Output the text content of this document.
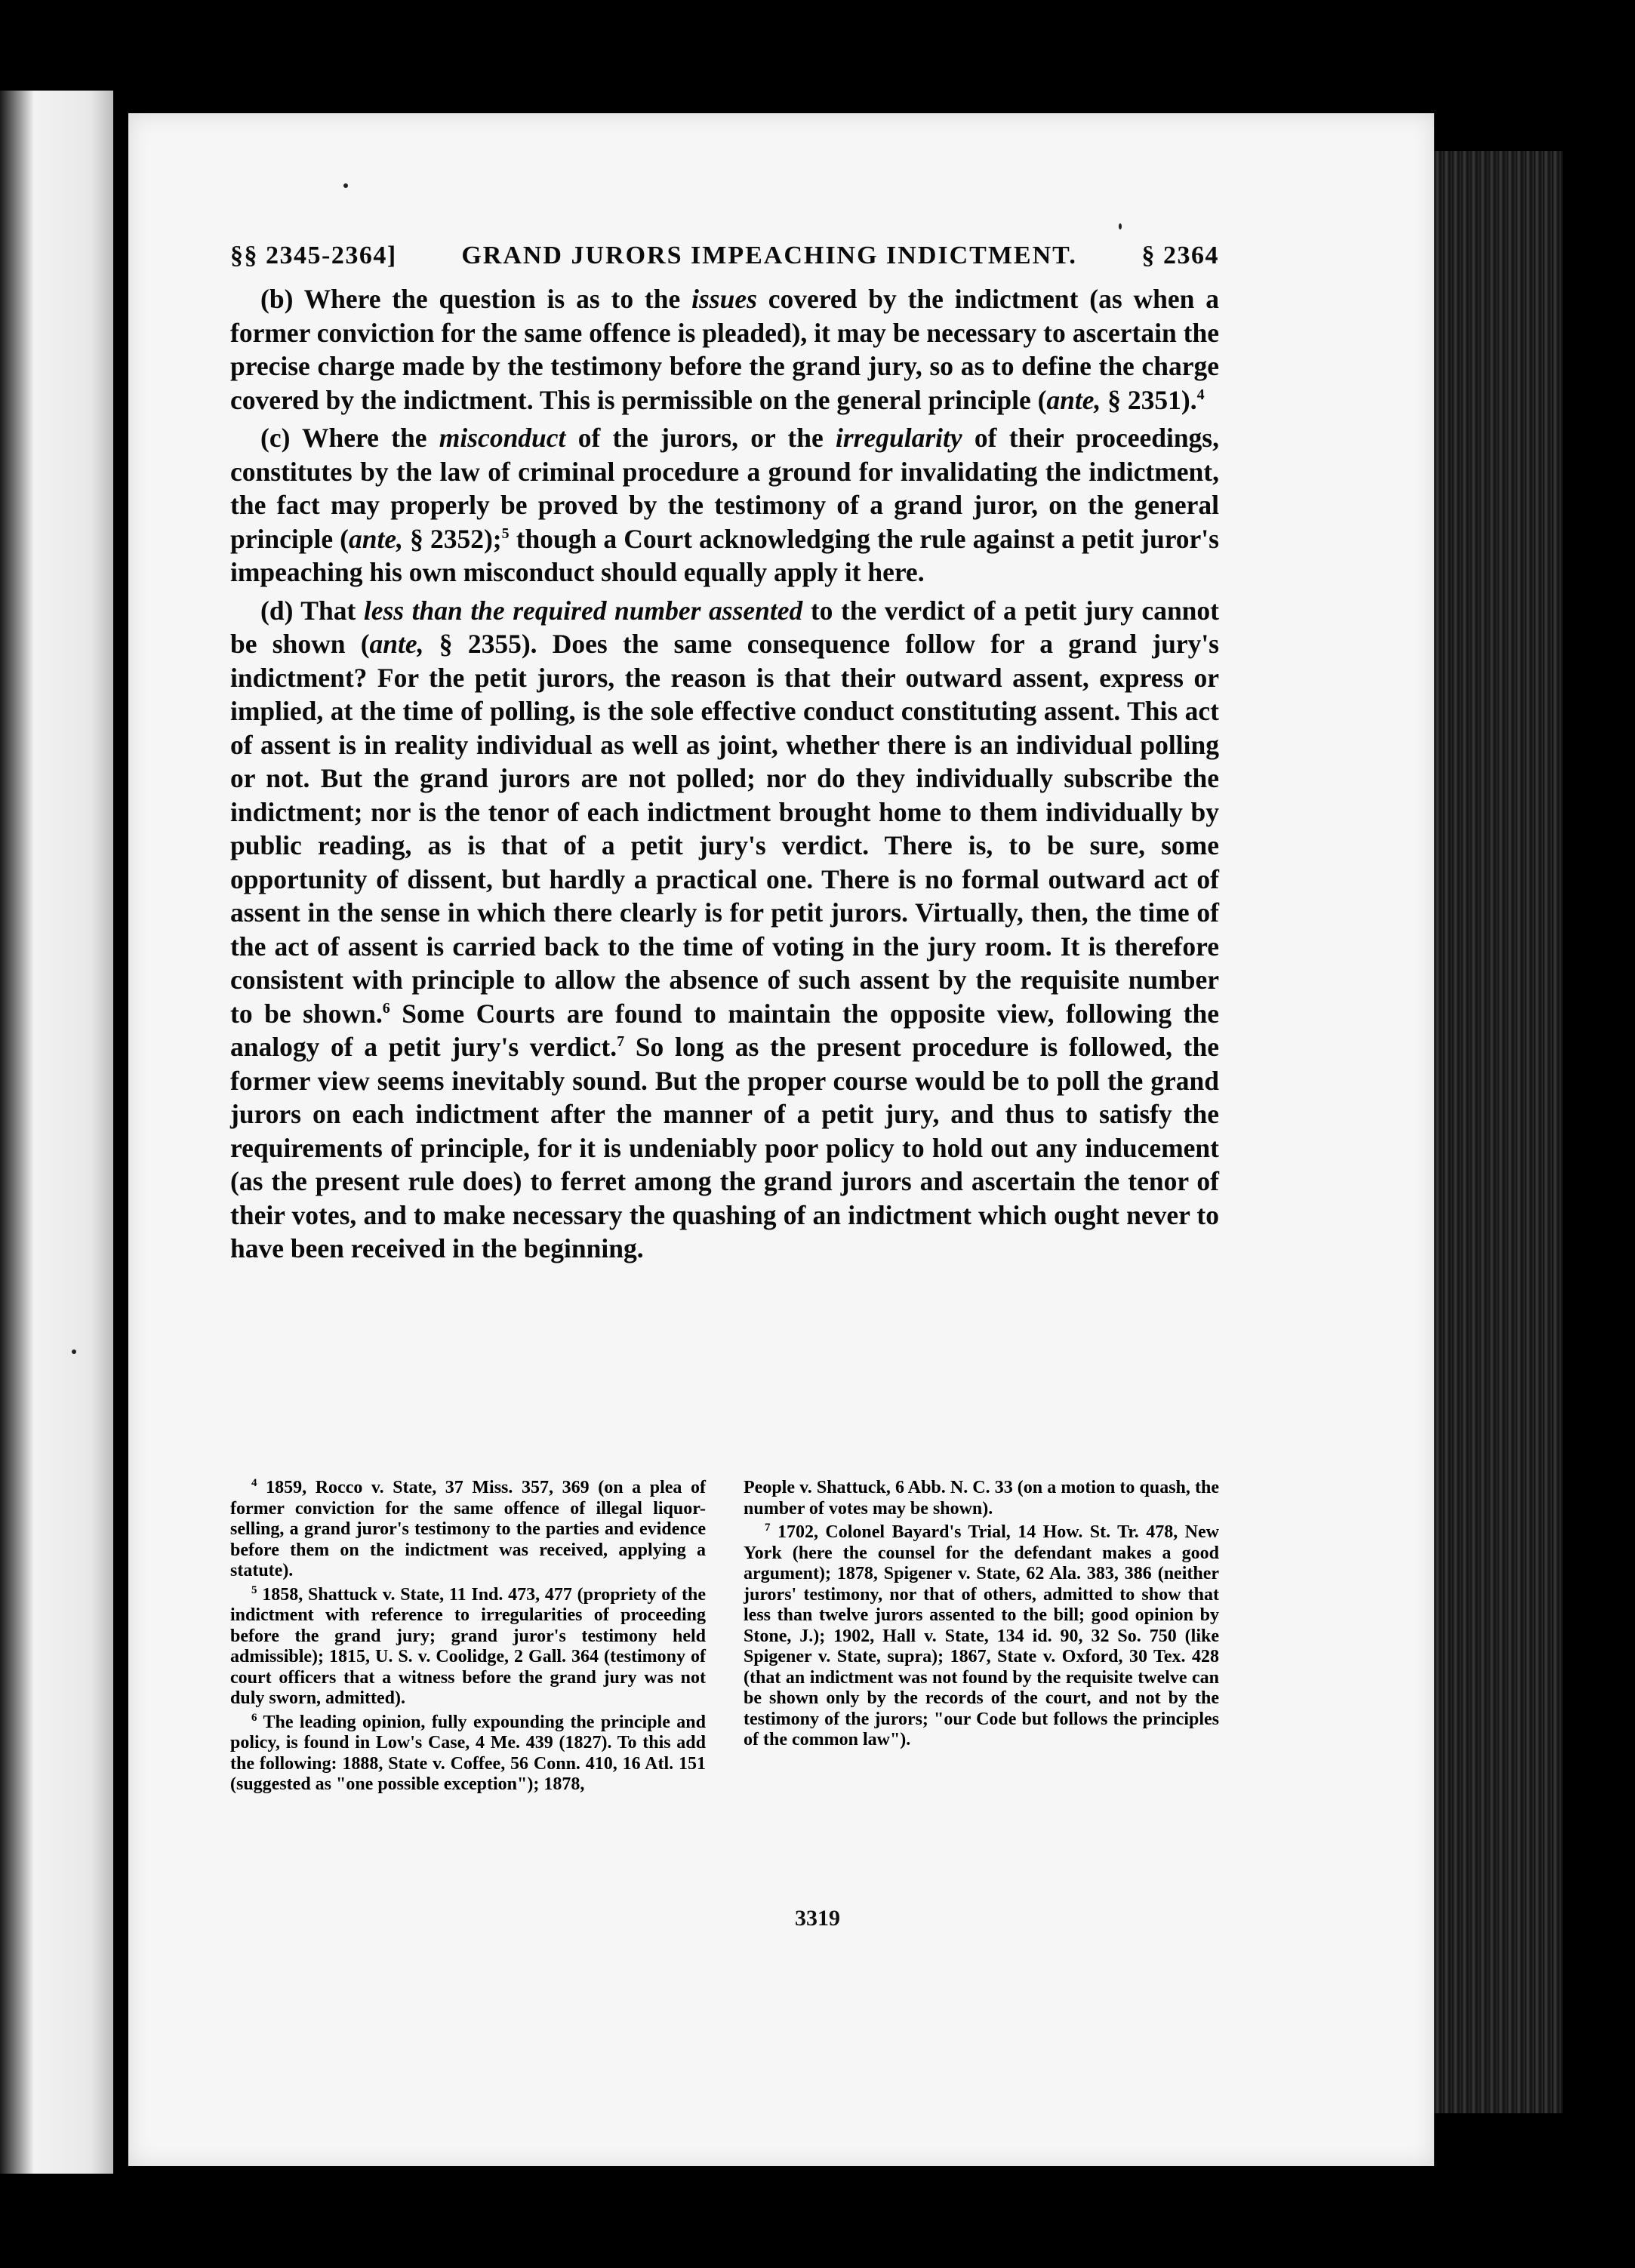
§§ 2345-2364]	GRAND JURORS IMPEACHING INDICTMENT.	§ 2364

(b) Where the question is as to the issues covered by the indictment (as when a former conviction for the same offence is pleaded), it may be necessary to ascertain the precise charge made by the testimony before the grand jury, so as to define the charge covered by the indictment. This is permissible on the general principle (ante, § 2351).$^4$

(c) Where the misconduct of the jurors, or the irregularity of their proceedings, constitutes by the law of criminal procedure a ground for invalidating the indictment, the fact may properly be proved by the testimony of a grand juror, on the general principle (ante, § 2352);$^5$ though a Court acknowledging the rule against a petit juror's impeaching his own misconduct should equally apply it here.

(d) That less than the required number assented to the verdict of a petit jury cannot be shown (ante, § 2355). Does the same consequence follow for a grand jury's indictment? For the petit jurors, the reason is that their outward assent, express or implied, at the time of polling, is the sole effective conduct constituting assent. This act of assent is in reality individual as well as joint, whether there is an individual polling or not. But the grand jurors are not polled; nor do they individually subscribe the indictment; nor is the tenor of each indictment brought home to them individually by public reading, as is that of a petit jury's verdict. There is, to be sure, some opportunity of dissent, but hardly a practical one. There is no formal outward act of assent in the sense in which there clearly is for petit jurors. Virtually, then, the time of the act of assent is carried back to the time of voting in the jury room. It is therefore consistent with principle to allow the absence of such assent by the requisite number to be shown.$^6$ Some Courts are found to maintain the opposite view, following the analogy of a petit jury's verdict.$^7$ So long as the present procedure is followed, the former view seems inevitably sound. But the proper course would be to poll the grand jurors on each indictment after the manner of a petit jury, and thus to satisfy the requirements of principle, for it is undeniably poor policy to hold out any inducement (as the present rule does) to ferret among the grand jurors and ascertain the tenor of their votes, and to make necessary the quashing of an indictment which ought never to have been received in the beginning.

$^4$ 1859, Rocco v. State, 37 Miss. 357, 369 (on a plea of former conviction for the same offence of illegal liquor-selling, a grand juror's testimony to the parties and evidence before them on the indictment was received, applying a statute).

$^5$ 1858, Shattuck v. State, 11 Ind. 473, 477 (propriety of the indictment with reference to irregularities of proceeding before the grand jury; grand juror's testimony held admissible); 1815, U. S. v. Coolidge, 2 Gall. 364 (testimony of court officers that a witness before the grand jury was not duly sworn, admitted).

$^6$ The leading opinion, fully expounding the principle and policy, is found in Low's Case, 4 Me. 439 (1827). To this add the following: 1888, State v. Coffee, 56 Conn. 410, 16 Atl. 151 (suggested as "one possible exception"); 1878,

People v. Shattuck, 6 Abb. N. C. 33 (on a motion to quash, the number of votes may be shown).

$^7$ 1702, Colonel Bayard's Trial, 14 How. St. Tr. 478, New York (here the counsel for the defendant makes a good argument); 1878, Spigener v. State, 62 Ala. 383, 386 (neither jurors' testimony, nor that of others, admitted to show that less than twelve jurors assented to the bill; good opinion by Stone, J.); 1902, Hall v. State, 134 id. 90, 32 So. 750 (like Spigener v. State, supra); 1867, State v. Oxford, 30 Tex. 428 (that an indictment was not found by the requisite twelve can be shown only by the records of the court, and not by the testimony of the jurors; "our Code but follows the principles of the common law").

3319
